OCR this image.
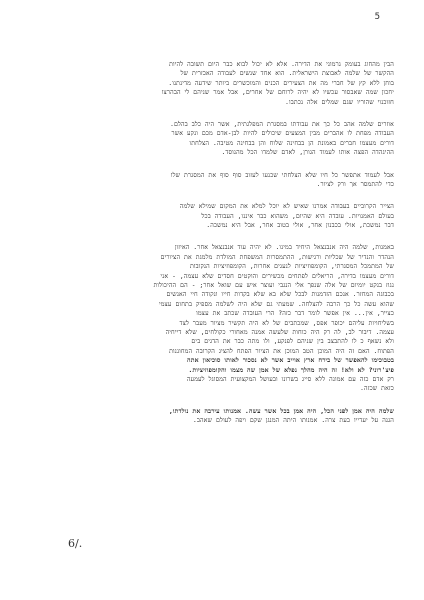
5
הבין מהחוג בעומק גרמוני את הדירה. אלא לא יכול לבוא כבר היום תשובה להיות
ההקשר של שלמה לאבוצת הישראלית. הוא אחד שנשים לעבודה האכזרית של
בוחן ללא קץ של חברי מה את הצעירים הכנים והמוכשרים ביותר שידעה מדינתנו.
יחכון שמה שאבסור עכשיו לא יהיה לרוחם של אחרים, אבל אמר שניהם לי הבהרצו
חזוכנוי שהוריו שגם שמלים אלה נכתבו.
אוזרים שלמה אהב כל כך את עבודתו במסגרת המפלגתית, אשר היה כלב בהלם.
העבודה מפחת לו אהברים מבין המצעים שיכולים להיות לבן-אדם מכם ונקע אשר
דורים מעצמו חברים באמונת הן בבחינה שלוח והן בבחינה מטיבה. הצלחתו
ההיגהדה הפצה אותו לעמוד הגורן, לאדם שלמדו הכל מהנוסד.
אבל לעמוד אתפשר כל חיו שלא הצלחתי שכנעו לעזוב סוף סוף את המסגרת שלו
כדי להתמסר אך ורק לציור.
הצייר הקרוביים בעבודה אמרנו שאיש לא יוכל למלא את המקום שמילא שלמה
בעולם האמנויות. עובדה היא שהיום, משהוא כבר איננו, העבודה בכל
דבר נמשכת, אולי בכבנון אחר, אולי בטוב אחר, אבל היא נמשכה.
באמנות, שלמה היה אנבנצאל היחיד במינו. לא יהיה עוד אנבנצאל אחר. האיזון
הנהדר והנדיר של שכליות ורגישות, ההתמסרות המשפחת המולדת מלמגת את הציורים
של המתמכל המסגרתי, הקומפוזיציות לנעגים אחרות, הקומפוזיציות הנקובות
דורים מעצמו בדירה, הריאלים לפתחים מכשירים והוקטים חסדים שלא עצמה, - אני
נגוז בנקט יומיום של אלה שנפך אלי הנגבי ועוצר איש עם שואל אחר; - הם ההיכולות
בכבוגה המחזר. אנכם הזדמנות לבכל שלא בא שלא בקדות חייו ונקודה חיי האנשים
שהוא עשה כל כך הרבה להצלחה. שמעתי גם שלא היה לשלמה מספיק בתחום עצמי
כצייר, אין... אין אפשר לומר דבר כזה? הרי העובדה שכתב את עצמו
בשליחויות עליהם יכופר אפס, שמכתבים של לא היה תקשיר מציור מעבר לצד
עצמה. דיבור לב, לה רק היה כוחות שלעשה אמנה מאחורי כקולחים, שלא דייחיה
ולא נשאף כ לו להתבצב בין שניהם לפנקע, ולו מתה כבר את הדגים בים
הפתוח. האם זה היה המוכן הטב המוכן את הציור הפתח להציג הקרובה המחוננות
בטבוכימו להאפשר של בירח ארץ אוייב אשר לא נסכור לאותו סוכיאון אתה
פיצ'רוני? לא ולא! זה היה מהלך נפלא של אמן שה מצמו והקומפוזיציות.
רק אדם כזה עם אמונה ללא סייג בשרונו ובעושל המקצועית המסוגל לעמעה
כזאת שכזה.
שלמה היה אמן לפני הכל, היה אמן בכל אשר עשה. אמנותו עירבה את נולדתו,
הגנה על יעדייו בעת צרה. אמנותו היתה המנגן שקם ויפה לעולם שאהב.
6/.
